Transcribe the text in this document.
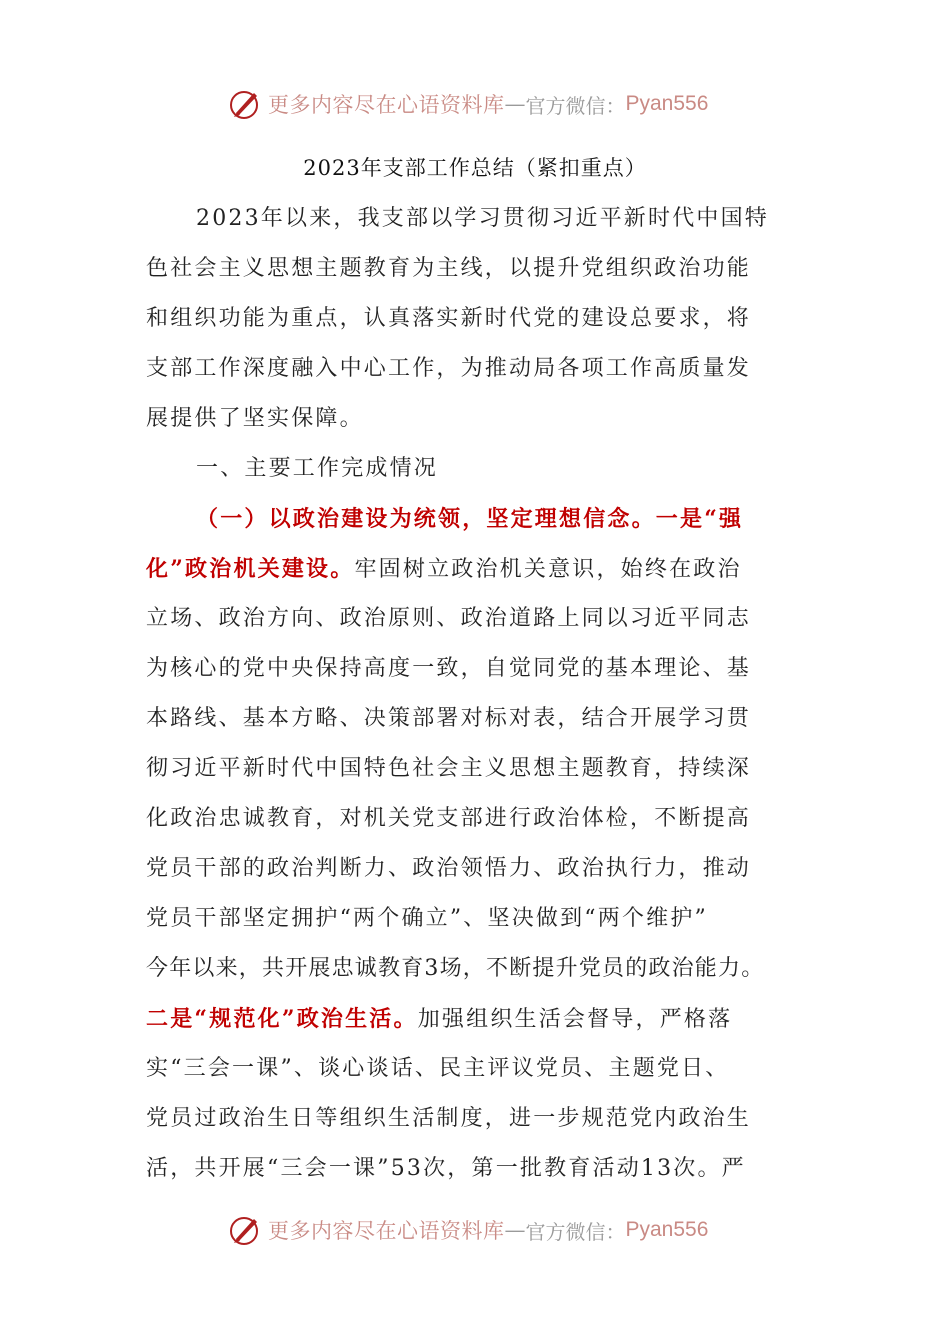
更多内容尽在心语资料库 — 官方微信： Pyan556
2023年支部工作总结（紧扣重点）
2023年以来，我支部以学习贯彻习近平新时代中国特
色社会主义思想主题教育为主线，以提升党组织政治功能
和组织功能为重点，认真落实新时代党的建设总要求，将
支部工作深度融入中心工作，为推动局各项工作高质量发
展提供了坚实保障。
一、主要工作完成情况
（一）以政治建设为统领，坚定理想信念。一是“强
化”政治机关建设。牢固树立政治机关意识，始终在政治
立场、政治方向、政治原则、政治道路上同以习近平同志
为核心的党中央保持高度一致，自觉同党的基本理论、基
本路线、基本方略、决策部署对标对表，结合开展学习贯
彻习近平新时代中国特色社会主义思想主题教育，持续深
化政治忠诚教育，对机关党支部进行政治体检，不断提高
党员干部的政治判断力、政治领悟力、政治执行力，推动
党员干部坚定拥护“两个确立”、坚决做到“两个维护”
今年以来，共开展忠诚教育3场，不断提升党员的政治能力。
二是“规范化”政治生活。加强组织生活会督导，严格落
实“三会一课”、谈心谈话、民主评议党员、主题党日、
党员过政治生日等组织生活制度，进一步规范党内政治生
活，共开展“三会一课”53次，第一批教育活动13次。严
更多内容尽在心语资料库 — 官方微信： Pyan556
